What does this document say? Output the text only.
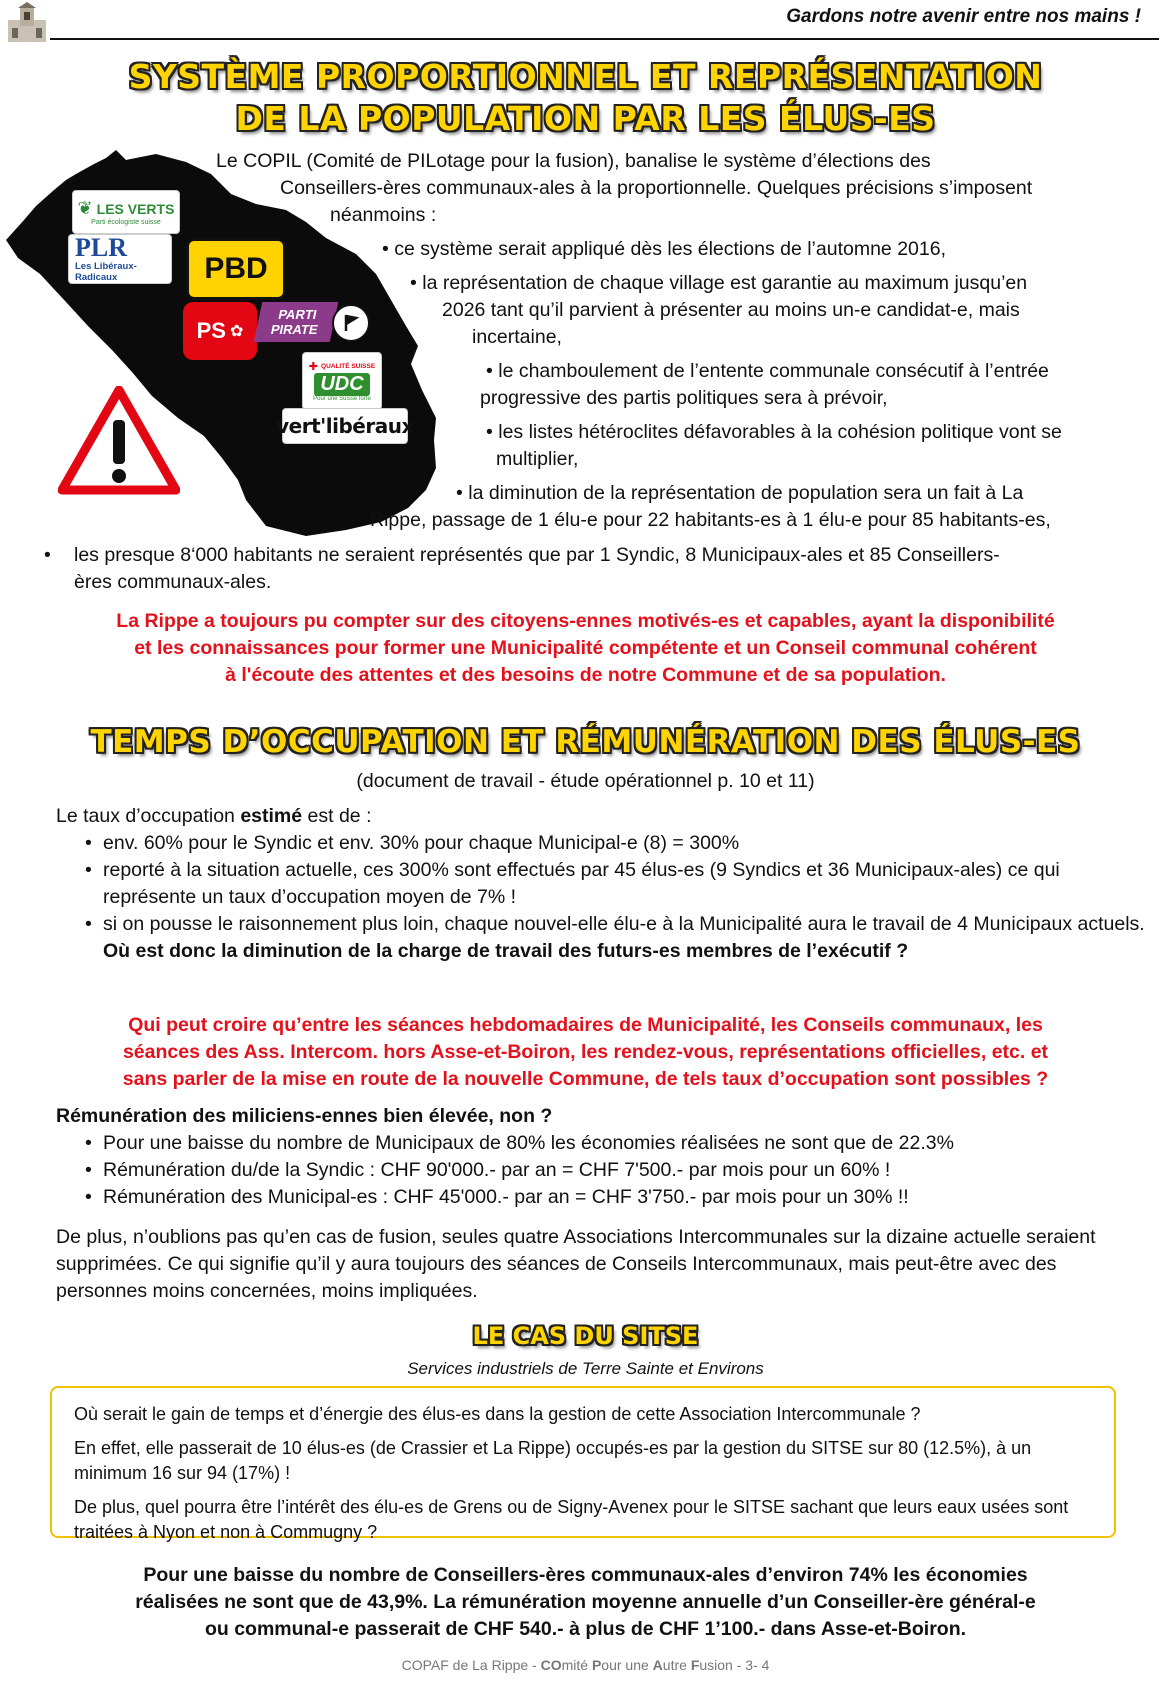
Gardons notre avenir entre nos mains !
SYSTÈME PROPORTIONNEL ET REPRÉSENTATION
DE LA POPULATION PAR LES ÉLUS-ES
❦ LES VERTS
Parti écologiste suisse
PLR
Les Libéraux-Radicaux	PBD
PS ✿
PARTI
PIRATE
✚ QUALITÉ SUISSE
UDC
Pour une Suisse forte
vert'libéraux
Le COPIL (Comité de PILotage pour la fusion), banalise le système d’élections des
Conseillers-ères communaux-ales à la proportionnelle. Quelques précisions s’imposent
néanmoins :
• ce système serait appliqué dès les élections de l’automne 2016,
• la représentation de chaque village est garantie au maximum jusqu’en
2026 tant qu’il parvient à présenter au moins un-e candidat-e, mais
incertaine,
• le chamboulement de l’entente communale consécutif à l’entrée
progressive des partis politiques sera à prévoir,
• les listes hétéroclites défavorables à la cohésion politique vont se
multiplier,
• la diminution de la représentation de population sera un fait à La
Rippe, passage de 1 élu-e pour 22 habitants-es à 1 élu-e pour 85 habitants-es,
• les presque 8‘000 habitants ne seraient représentés que par 1 Syndic, 8 Municipaux-ales et 85 Conseillers-
ères communaux-ales.
La Rippe a toujours pu compter sur des citoyens-ennes motivés-es et capables, ayant la disponibilité
et les connaissances pour former une Municipalité compétente et un Conseil communal cohérent
à l'écoute des attentes et des besoins de notre Commune et de sa population.
TEMPS D’OCCUPATION ET RÉMUNÉRATION DES ÉLUS-ES
(document de travail - étude opérationnel p. 10 et 11)
Le taux d’occupation estimé est de :
• env. 60% pour le Syndic et env. 30% pour chaque Municipal-e (8) = 300%
• reporté à la situation actuelle, ces 300% sont effectués par 45 élus-es (9 Syndics et 36 Municipaux-ales) ce qui représente un taux d’occupation moyen de 7% !
• si on pousse le raisonnement plus loin, chaque nouvel-elle élu-e à la Municipalité aura le travail de 4 Municipaux actuels. Où est donc la diminution de la charge de travail des futurs-es membres de l’exécutif ?
Qui peut croire qu’entre les séances hebdomadaires de Municipalité, les Conseils communaux, les
séances des Ass. Intercom. hors Asse-et-Boiron, les rendez-vous, représentations officielles, etc. et
sans parler de la mise en route de la nouvelle Commune, de tels taux d’occupation sont possibles ?
Rémunération des miliciens-ennes bien élevée, non ?
• Pour une baisse du nombre de Municipaux de 80% les économies réalisées ne sont que de 22.3%
• Rémunération du/de la Syndic : CHF 90'000.- par an = CHF 7'500.- par mois pour un 60% !
• Rémunération des Municipal-es : CHF 45'000.- par an = CHF 3'750.- par mois pour un 30% !!
De plus, n’oublions pas qu’en cas de fusion, seules quatre Associations Intercommunales sur la dizaine actuelle seraient supprimées. Ce qui signifie qu’il y aura toujours des séances de Conseils Intercommunaux, mais peut-être avec des personnes moins concernées, moins impliquées.
LE CAS DU SITSE
Services industriels de Terre Sainte et Environs

Où serait le gain de temps et d’énergie des élus-es dans la gestion de cette Association Intercommunale ?

En effet, elle passerait de 10 élus-es (de Crassier et La Rippe) occupés-es par la gestion du SITSE sur 80 (12.5%), à un minimum 16 sur 94 (17%) !

De plus, quel pourra être l’intérêt des élu-es de Grens ou de Signy-Avenex pour le SITSE sachant que leurs eaux usées sont traitées à Nyon et non à Commugny ?

Pour une baisse du nombre de Conseillers-ères communaux-ales d’environ 74% les économies
réalisées ne sont que de 43,9%. La rémunération moyenne annuelle d’un Conseiller-ère général-e
ou communal-e passerait de CHF 540.- à plus de CHF 1’100.- dans Asse-et-Boiron.
COPAF de La Rippe - COmité Pour une Autre Fusion - 3- 4
